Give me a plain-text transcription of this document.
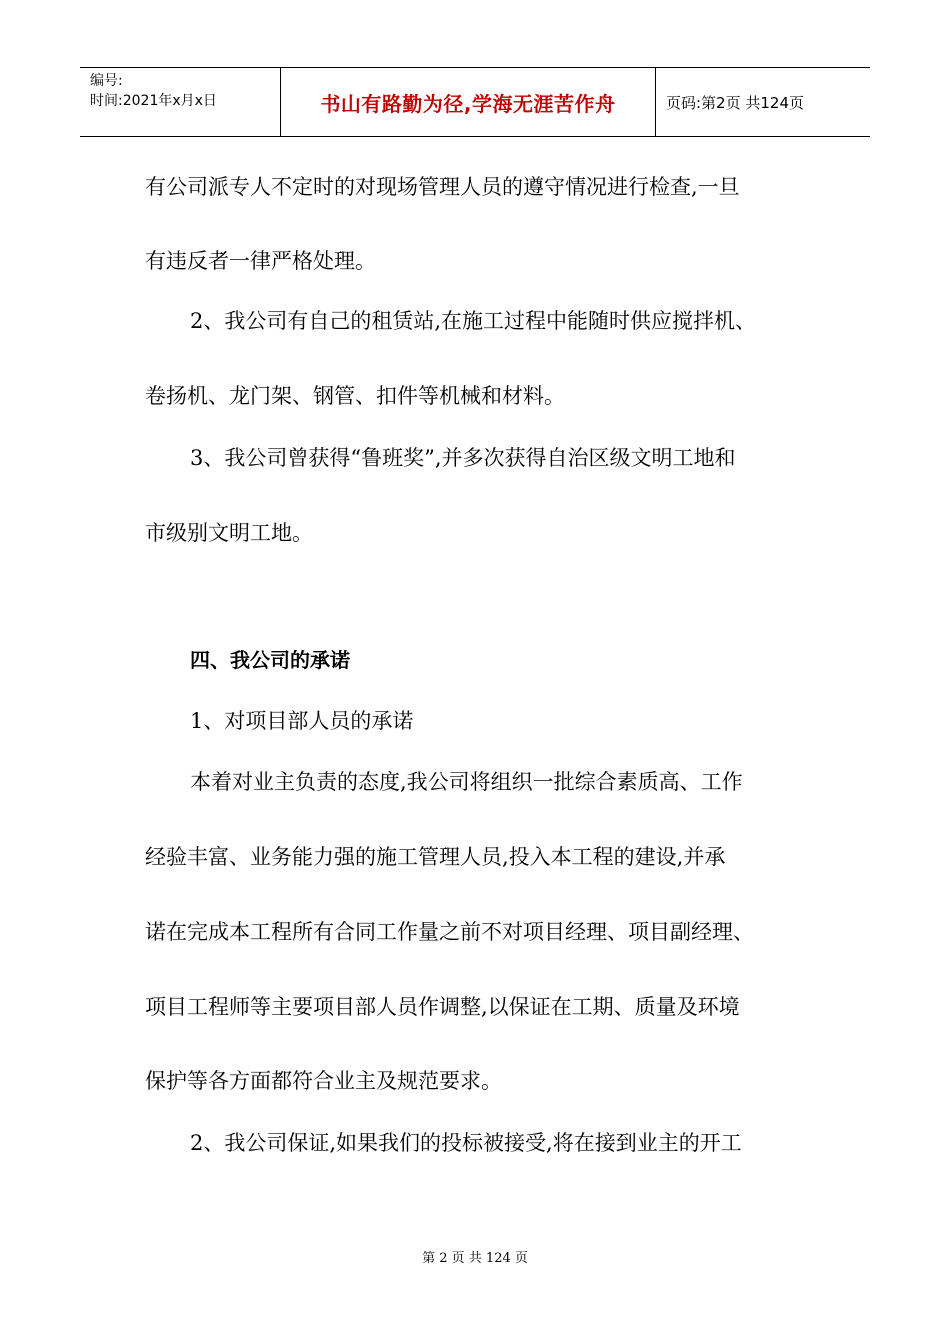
编号:
时间:2021年x月x日	书山有路勤为径,学海无涯苦作舟	页码:第2页 共124页
有公司派专人不定时的对现场管理人员的遵守情况进行检查,一旦
有违反者一律严格处理。
2、我公司有自己的租赁站,在施工过程中能随时供应搅拌机、
卷扬机、龙门架、钢管、扣件等机械和材料。
3、我公司曾获得“鲁班奖”,并多次获得自治区级文明工地和
市级别文明工地。
四、我公司的承诺
1、对项目部人员的承诺
本着对业主负责的态度,我公司将组织一批综合素质高、工作
经验丰富、业务能力强的施工管理人员,投入本工程的建设,并承
诺在完成本工程所有合同工作量之前不对项目经理、项目副经理、
项目工程师等主要项目部人员作调整,以保证在工期、质量及环境
保护等各方面都符合业主及规范要求。
2、我公司保证,如果我们的投标被接受,将在接到业主的开工
第 2 页 共 124 页
